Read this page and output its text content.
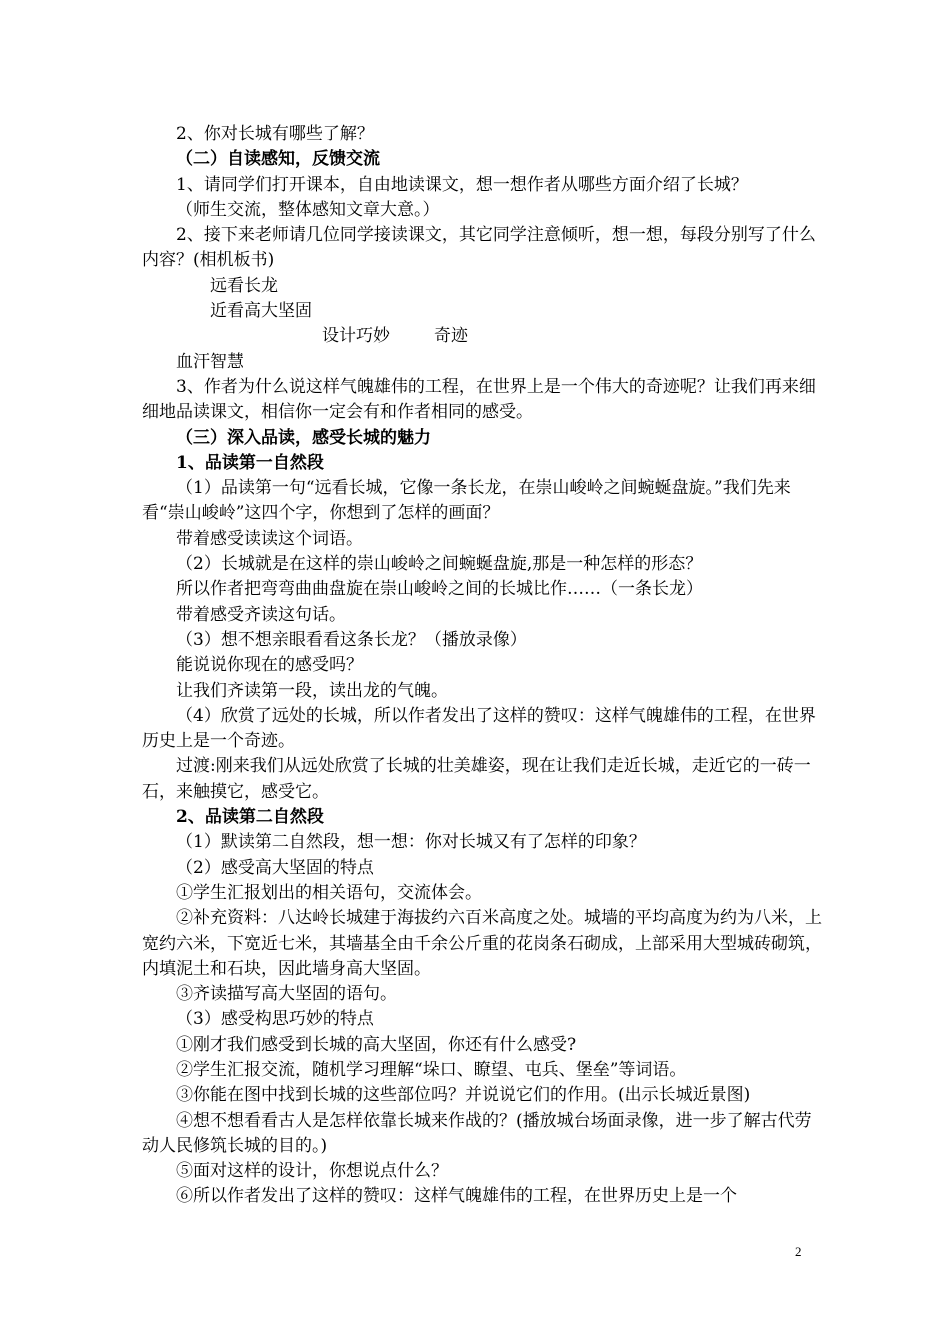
2、你对长城有哪些了解？

（二）自读感知，反馈交流

1、请同学们打开课本，自由地读课文，想一想作者从哪些方面介绍了长城？

（师生交流，整体感知文章大意。）

2、接下来老师请几位同学接读课文，其它同学注意倾听，想一想，每段分别写了什么内容？(相机板书)

远看长龙

近看高大坚固

设计巧妙	奇迹

血汗智慧

3、作者为什么说这样气魄雄伟的工程，在世界上是一个伟大的奇迹呢？让我们再来细细地品读课文，相信你一定会有和作者相同的感受。

（三）深入品读，感受长城的魅力

1、品读第一自然段

（1）品读第一句“远看长城，它像一条长龙，在崇山峻岭之间蜿蜒盘旋。”我们先来看“崇山峻岭”这四个字，你想到了怎样的画面？

带着感受读读这个词语。

（2）长城就是在这样的崇山峻岭之间蜿蜒盘旋,那是一种怎样的形态？

所以作者把弯弯曲曲盘旋在崇山峻岭之间的长城比作……（一条长龙）

带着感受齐读这句话。

（3）想不想亲眼看看这条长龙？（播放录像）

能说说你现在的感受吗？

让我们齐读第一段，读出龙的气魄。

（4）欣赏了远处的长城，所以作者发出了这样的赞叹：这样气魄雄伟的工程，在世界历史上是一个奇迹。

过渡:刚来我们从远处欣赏了长城的壮美雄姿，现在让我们走近长城，走近它的一砖一石，来触摸它，感受它。

2、品读第二自然段

（1）默读第二自然段，想一想：你对长城又有了怎样的印象？

（2）感受高大坚固的特点

①学生汇报划出的相关语句，交流体会。

②补充资料：八达岭长城建于海拔约六百米高度之处。城墙的平均高度为约为八米，上宽约六米，下宽近七米，其墙基全由千余公斤重的花岗条石砌成，上部采用大型城砖砌筑，内填泥土和石块，因此墙身高大坚固。

③齐读描写高大坚固的语句。

（3）感受构思巧妙的特点

①刚才我们感受到长城的高大坚固，你还有什么感受?

②学生汇报交流，随机学习理解“垛口、瞭望、屯兵、堡垒”等词语。

③你能在图中找到长城的这些部位吗？并说说它们的作用。(出示长城近景图)

④想不想看看古人是怎样依靠长城来作战的？(播放城台场面录像，进一步了解古代劳动人民修筑长城的目的。)

⑤面对这样的设计，你想说点什么？

⑥所以作者发出了这样的赞叹：这样气魄雄伟的工程，在世界历史上是一个

2
